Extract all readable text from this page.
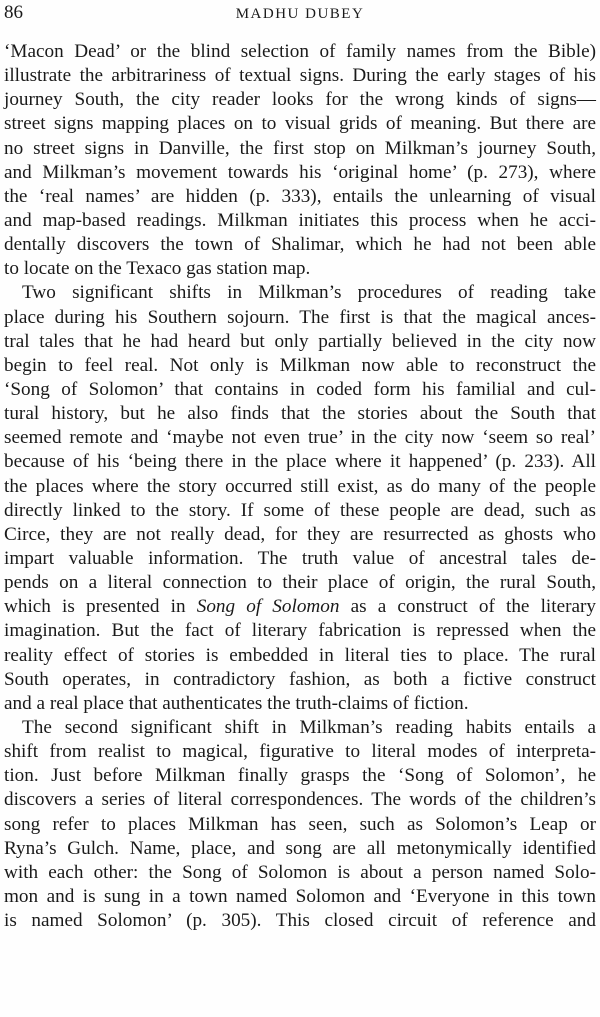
86	MADHU DUBEY
‘Macon Dead’ or the blind selection of family names from the Bible)
illustrate the arbitrariness of textual signs. During the early stages of his
journey South, the city reader looks for the wrong kinds of signs—
street signs mapping places on to visual grids of meaning. But there are
no street signs in Danville, the first stop on Milkman’s journey South,
and Milkman’s movement towards his ‘original home’ (p. 273), where
the ‘real names’ are hidden (p. 333), entails the unlearning of visual
and map-based readings. Milkman initiates this process when he acci-
dentally discovers the town of Shalimar, which he had not been able
to locate on the Texaco gas station map.
Two significant shifts in Milkman’s procedures of reading take
place during his Southern sojourn. The first is that the magical ances-
tral tales that he had heard but only partially believed in the city now
begin to feel real. Not only is Milkman now able to reconstruct the
‘Song of Solomon’ that contains in coded form his familial and cul-
tural history, but he also finds that the stories about the South that
seemed remote and ‘maybe not even true’ in the city now ‘seem so real’
because of his ‘being there in the place where it happened’ (p. 233). All
the places where the story occurred still exist, as do many of the people
directly linked to the story. If some of these people are dead, such as
Circe, they are not really dead, for they are resurrected as ghosts who
impart valuable information. The truth value of ancestral tales de-
pends on a literal connection to their place of origin, the rural South,
which is presented in Song of Solomon as a construct of the literary
imagination. But the fact of literary fabrication is repressed when the
reality effect of stories is embedded in literal ties to place. The rural
South operates, in contradictory fashion, as both a fictive construct
and a real place that authenticates the truth-claims of fiction.
The second significant shift in Milkman’s reading habits entails a
shift from realist to magical, figurative to literal modes of interpreta-
tion. Just before Milkman finally grasps the ‘Song of Solomon’, he
discovers a series of literal correspondences. The words of the children’s
song refer to places Milkman has seen, such as Solomon’s Leap or
Ryna’s Gulch. Name, place, and song are all metonymically identified
with each other: the Song of Solomon is about a person named Solo-
mon and is sung in a town named Solomon and ‘Everyone in this town
is named Solomon’ (p. 305). This closed circuit of reference and
